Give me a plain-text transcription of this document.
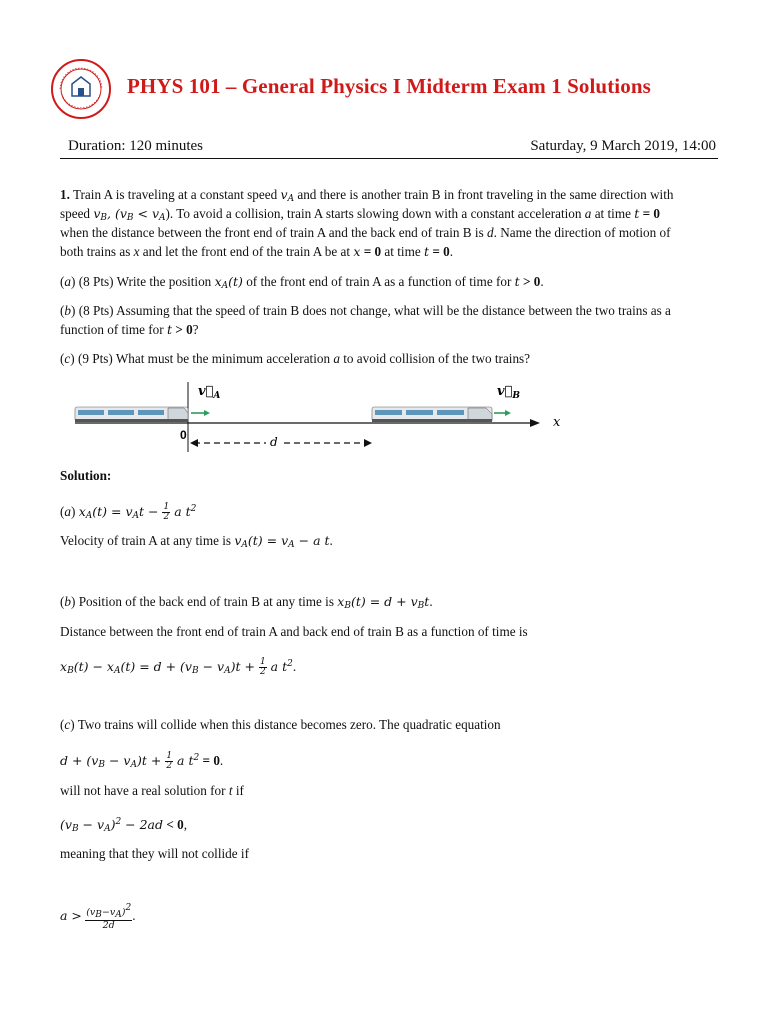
PHYS 101 – General Physics I Midterm Exam 1 Solutions
Duration: 120 minutes	Saturday, 9 March 2019, 14:00
1. Train A is traveling at a constant speed $v_A$ and there is another train B in front traveling in the same direction with
speed $v_B$, $(v_B < v_A)$. To avoid a collision, train A starts slowing down with a constant acceleration a at time t = 0
when the distance between the front end of train A and the back end of train B is d. Name the direction of motion of
both trains as x and let the front end of the train A be at x = 0 at time t = 0.
(a) (8 Pts) Write the position $x_A(t)$ of the front end of train A as a function of time for t > 0.
(b) (8 Pts) Assuming that the speed of train B does not change, what will be the distance between the two trains as a
function of time for t > 0?
(c) (9 Pts) What must be the minimum acceleration a to avoid collision of the two trains?
x
0
$v⃗_A$	$v⃗_B$
d
Solution:
(a) $x_A(t) = v_At - \frac{1}{2}$ a $t^2$
Velocity of train A at any time is $v_A(t) = v_A - a$ t.
(b) Position of the back end of train B at any time is $x_B(t) = d + v_Bt$.
Distance between the front end of train A and back end of train B as a function of time is
$x_B(t) - x_A(t) = d + (v_B - v_A)t + \frac{1}{2}$ a $t^2$.
(c) Two trains will collide when this distance becomes zero. The quadratic equation
$d + (v_B - v_A)t + \frac{1}{2}$ a $t^2 = 0$.
will not have a real solution for t if
$(v_B - v_A)^2 - 2ad < 0$,
meaning that they will not collide if
$a > \frac{(v_B-v_A)^2}{2d}$ .
